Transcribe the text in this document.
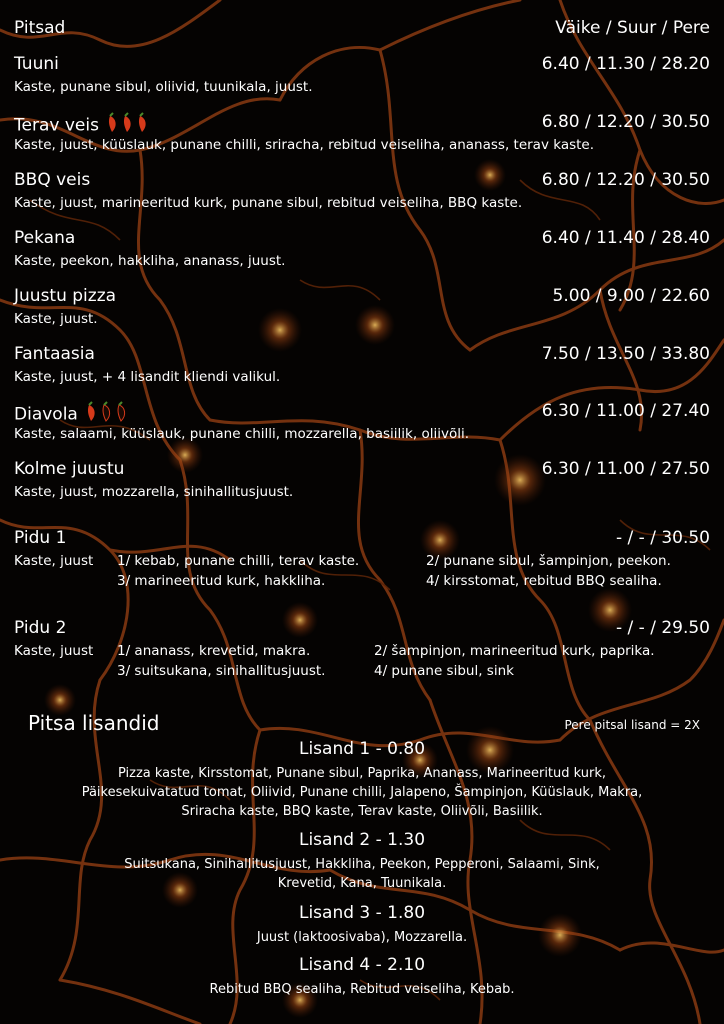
Pitsad	Väike / Suur / Pere
Tuuni	6.40 / 11.30 / 28.20
Kaste, punane sibul, oliivid, tuunikala, juust.
Terav veis	6.80 / 12.20 / 30.50
Kaste, juust, küüslauk, punane chilli, sriracha, rebitud veiseliha, ananass, terav kaste.
BBQ veis	6.80 / 12.20 / 30.50
Kaste, juust, marineeritud kurk, punane sibul, rebitud veiseliha, BBQ kaste.
Pekana	6.40 / 11.40 / 28.40
Kaste, peekon, hakkliha, ananass, juust.
Juustu pizza	5.00 / 9.00 / 22.60
Kaste, juust.
Fantaasia	7.50 / 13.50 / 33.80
Kaste, juust, + 4 lisandit kliendi valikul.
Diavola	6.30 / 11.00 / 27.40
Kaste, salaami, küüslauk, punane chilli, mozzarella, basiilik, oliivõli.
Kolme juustu	6.30 / 11.00 / 27.50
Kaste, juust, mozzarella, sinihallitusjuust.
Pidu 1	- / - / 30.50
Kaste, juust 1/ kebab, punane chilli, terav kaste.	2/ punane sibul, šampinjon, peekon.
3/ marineeritud kurk, hakkliha.	4/ kirsstomat, rebitud BBQ sealiha.
Pidu 2	- / - / 29.50
Kaste, juust 1/ ananass, krevetid, makra.	2/ šampinjon, marineeritud kurk, paprika.
3/ suitsukana, sinihallitusjuust.	4/ punane sibul, sink
Pitsa lisandid	Pere pitsal lisand = 2X
Lisand 1 - 0.80
Pizza kaste, Kirsstomat, Punane sibul, Paprika, Ananass, Marineeritud kurk,
Päikesekuivatatud tomat, Oliivid, Punane chilli, Jalapeno, Šampinjon, Küüslauk, Makra,
Sriracha kaste, BBQ kaste, Terav kaste, Oliivõli, Basiilik.
Lisand 2 - 1.30
Suitsukana, Sinihallitusjuust, Hakkliha, Peekon, Pepperoni, Salaami, Sink,
Krevetid, Kana, Tuunikala.
Lisand 3 - 1.80
Juust (laktoosivaba), Mozzarella.
Lisand 4 - 2.10
Rebitud BBQ sealiha, Rebitud veiseliha, Kebab.
